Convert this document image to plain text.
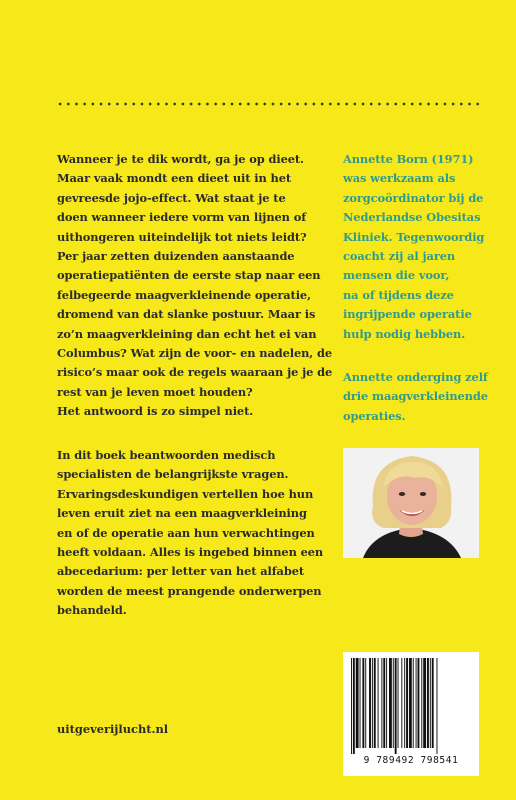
Wanneer je te dik wordt, ga je op dieet.
Maar vaak mondt een dieet uit in het
gevreesde jojo-effect. Wat staat je te
doen wanneer iedere vorm van lijnen of
uithongeren uiteindelijk tot niets leidt?
Per jaar zetten duizenden aanstaande
operatiepatiënten de eerste stap naar een
felbegeerde maagverkleinende operatie,
dromend van dat slanke postuur. Maar is
zo’n maagverkleining dan echt het ei van
Columbus? Wat zijn de voor- en nadelen, de
risico’s maar ook de regels waaraan je je de
rest van je leven moet houden?
Het antwoord is zo simpel niet.
In dit boek beantwoorden medisch
specialisten de belangrijkste vragen.
Ervaringsdeskundigen vertellen hoe hun
leven eruit ziet na een maagverkleining
en of de operatie aan hun verwachtingen
heeft voldaan. Alles is ingebed binnen een
abecedarium: per letter van het alfabet
worden de meest prangende onderwerpen
behandeld.
Annette Born (1971)
was werkzaam als
zorgcoördinator bij de
Nederlandse Obesitas
Kliniek. Tegenwoordig
coacht zij al jaren
mensen die voor,
na of tijdens deze
ingrijpende operatie
hulp nodig hebben.
Annette onderging zelf
drie maagverkleinende
operaties.
uitgeverijlucht.nl
9 789492 798541
